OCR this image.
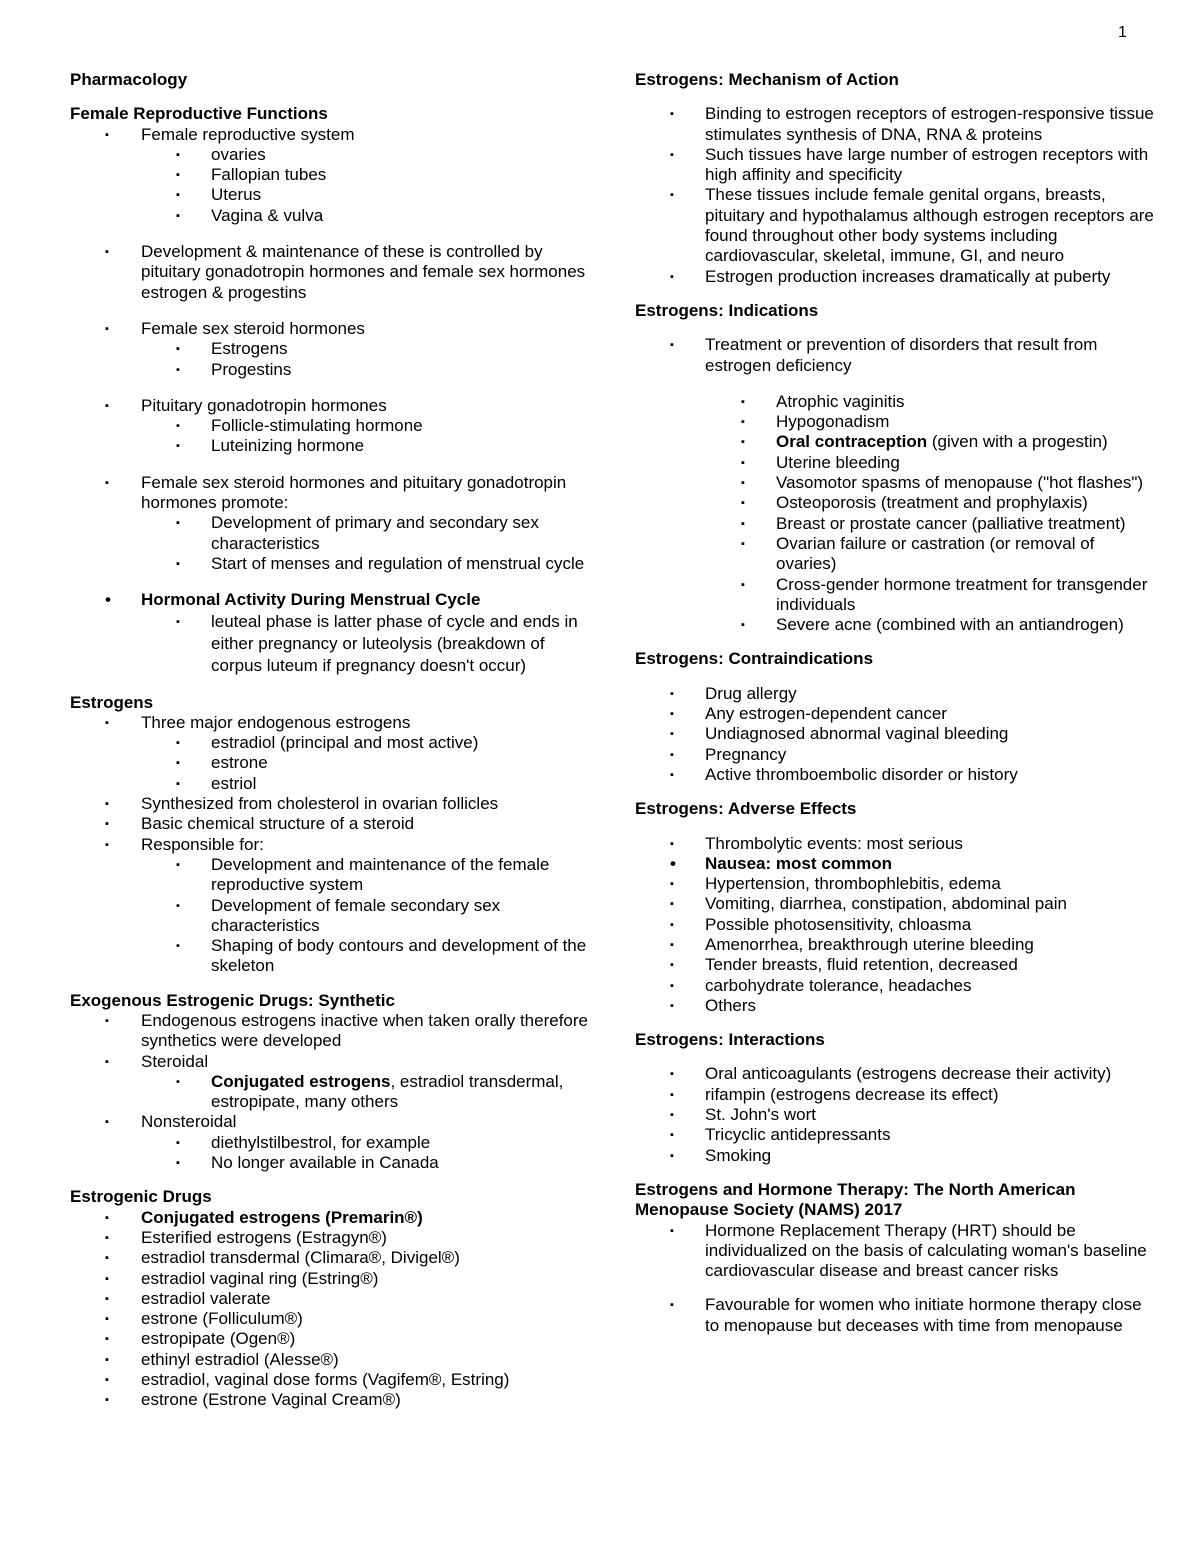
1
Pharmacology
Female Reproductive Functions
▪ Female reproductive system
▪ ovaries
▪ Fallopian tubes
▪ Uterus
▪ Vagina & vulva
▪ Development & maintenance of these is controlled by pituitary gonadotropin hormones and female sex hormones estrogen & progestins
▪ Female sex steroid hormones
▪ Estrogens
▪ Progestins
▪ Pituitary gonadotropin hormones
▪ Follicle-stimulating hormone
▪ Luteinizing hormone
▪ Female sex steroid hormones and pituitary gonadotropin hormones promote:
▪ Development of primary and secondary sex characteristics
▪ Start of menses and regulation of menstrual cycle
• Hormonal Activity During Menstrual Cycle
▪ leuteal phase is latter phase of cycle and ends in either pregnancy or luteolysis (breakdown of corpus luteum if pregnancy doesn't occur)
Estrogens
▪ Three major endogenous estrogens
▪ estradiol (principal and most active)
▪ estrone
▪ estriol
▪ Synthesized from cholesterol in ovarian follicles
▪ Basic chemical structure of a steroid
▪ Responsible for:
▪ Development and maintenance of the female reproductive system
▪ Development of female secondary sex characteristics
▪ Shaping of body contours and development of the skeleton
Exogenous Estrogenic Drugs: Synthetic
▪ Endogenous estrogens inactive when taken orally therefore synthetics were developed
▪ Steroidal
▪ Conjugated estrogens, estradiol transdermal, estropipate, many others
▪ Nonsteroidal
▪ diethylstilbestrol, for example
▪ No longer available in Canada
Estrogenic Drugs
▪ Conjugated estrogens (Premarin®)
▪ Esterified estrogens (Estragyn®)
▪ estradiol transdermal (Climara®, Divigel®)
▪ estradiol vaginal ring (Estring®)
▪ estradiol valerate
▪ estrone (Folliculum®)
▪ estropipate (Ogen®)
▪ ethinyl estradiol (Alesse®)
▪ estradiol, vaginal dose forms (Vagifem®, Estring)
▪ estrone (Estrone Vaginal Cream®)
Estrogens: Mechanism of Action
▪ Binding to estrogen receptors of estrogen-responsive tissue stimulates synthesis of DNA, RNA & proteins
▪ Such tissues have large number of estrogen receptors with high affinity and specificity
▪ These tissues include female genital organs, breasts, pituitary and hypothalamus although estrogen receptors are found throughout other body systems including cardiovascular, skeletal, immune, GI, and neuro
▪ Estrogen production increases dramatically at puberty
Estrogens: Indications
▪ Treatment or prevention of disorders that result from estrogen deficiency
▪ Atrophic vaginitis
▪ Hypogonadism
▪ Oral contraception (given with a progestin)
▪ Uterine bleeding
▪ Vasomotor spasms of menopause ("hot flashes")
▪ Osteoporosis (treatment and prophylaxis)
▪ Breast or prostate cancer (palliative treatment)
▪ Ovarian failure or castration (or removal of ovaries)
▪ Cross-gender hormone treatment for transgender individuals
▪ Severe acne (combined with an antiandrogen)
Estrogens: Contraindications
▪ Drug allergy
▪ Any estrogen-dependent cancer
▪ Undiagnosed abnormal vaginal bleeding
▪ Pregnancy
▪ Active thromboembolic disorder or history
Estrogens: Adverse Effects
▪ Thrombolytic events: most serious
• Nausea: most common
▪ Hypertension, thrombophlebitis, edema
▪ Vomiting, diarrhea, constipation, abdominal pain
▪ Possible photosensitivity, chloasma
▪ Amenorrhea, breakthrough uterine bleeding
▪ Tender breasts, fluid retention, decreased
▪ carbohydrate tolerance, headaches
▪ Others
Estrogens: Interactions
▪ Oral anticoagulants (estrogens decrease their activity)
▪ rifampin (estrogens decrease its effect)
▪ St. John's wort
▪ Tricyclic antidepressants
▪ Smoking
Estrogens and Hormone Therapy: The North American Menopause Society (NAMS) 2017
▪ Hormone Replacement Therapy (HRT) should be individualized on the basis of calculating woman's baseline cardiovascular disease and breast cancer risks
▪ Favourable for women who initiate hormone therapy close to menopause but deceases with time from menopause
